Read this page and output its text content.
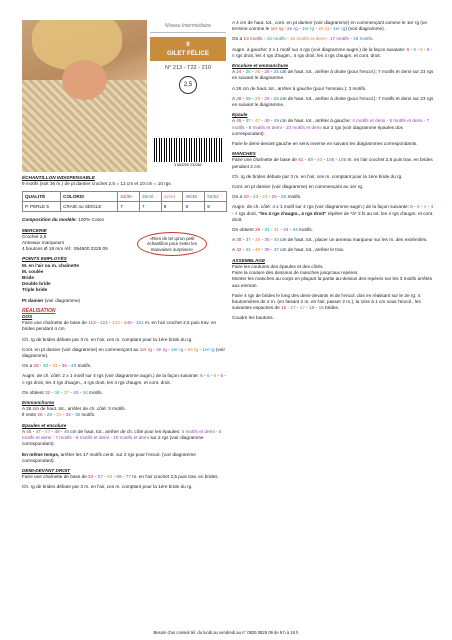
Niveau Intermédiaire
9
GILET FÉLICE
N° 213 - T22 - 210
2,5
3 663250 232362
«Rien de tel qu'un petit échantillon pour éviter les mauvaises surprises»
ÉCHANTILLON INDISPENSABLE

9 motifs (soit 36 m.) de pt damier crochet 2,5 = 12 cm et 10 cm = 10 rgs

QUALITÉ	COLORIS	34/36	38/40	42/44	46/48	50/52
P. PERLE 5	CRAIE ou SEIGLE	7	7	8	8	9

Composition du modèle: 100% Coton

MERCERIE
Crochet 2,5
Anneaux marqueurs

4 boutons Ø 18 mm réf.: 054600 2225 09

POINTS EMPLOYÉS
M. en l'air ou m. chaînette
M. coulée
Bride
Double bride
Triple bride

Pt damier (voir diagramme)

RÉALISATION
DOS

Faire une chaînette de base de 113 - 121 - 133 - 145 - 161 m. en l'air crochet 2,5 puis trav. en brides pendant 4 cm.

Ch. rg de brides débute par 3 m. en l'air, ces m. comptant pour la 1ère bride du rg.

Cont. en pt damier (voir diagramme) en commençant au 1er rg - 2e rg - 1er rg - 2e rg - 1er rg (voir diagramme).

On a 28 - 30 - 33 - 36 - 40 motifs.

Augm. de ch. côté: 2 x 1 motif sur 4 rgs (voir diagramme augm.) de la façon suivante: 6 - 6 - 6 - 6 - 6 rgs droit, les 4 rgs d'augm., 4 rgs droit, les 4 rgs d'augm. et cont. droit.

On obtient 32 - 34 - 37 - 40 - 44 motifs.

Emmanchures
A 26 cm de haut. tot., arrêter de ch. côté: 3 motifs.

Il reste 26 - 28 - 31 - 34 - 38 motifs.

Epaules et encolure

A 45 - 47 - 47 - 49 - 49 cm de haut. tot., arrêter de ch. côté pour les épaules: 4 motifs et demi - 5 motifs et demi - 7 motifs - 8 motifs et demi - 10 motifs et demi sur 2 rgs (voir diagramme correspondant).

En même temps, arrêter les 17 motifs centr. sur 2 rgs pour l'encol. (voir diagramme correspondant).

DEMI-DEVANT DROIT

Faire une chaînette de base de 53 - 57 - 63 - 69 - 77 m. en l'air crochet 2,5 puis trav. en brides.

Ch. rg de brides débute par 3 m. en l'air, ces m. comptant pour la 1ère bride du rg.

A 4 cm de haut. tot., cont. en pt damier (voir diagramme) en commençant comme le 1er rg (on termine comme le 1er rg - 2e rg - 1er rg - 2e rg - 1er rg) (voir diagramme).

On a 13 motifs - 14 motifs - 15 motifs et demi - 17 motifs - 19 motifs.

Augm. à gauche: 2 x 1 motif sur 4 rgs (voir diagramme augm.) de la façon suivante: 6 - 6 - 6 - 6 - 6 rgs droit, les 4 rgs d'augm., 4 rgs droit, les 4 rgs d'augm. et cont. droit.

Encolure et emmanchure

A 24 - 26 - 26 - 26 - 26 cm de haut. tot., arrêter à droite (pour l'encol.): 7 motifs et demi sur 23 rgs en suivant le diagramme.

A 26 cm de haut. tot., arrêter à gauche (pour l'emman.): 3 motifs.

A 28 - 28 - 26 - 26 - 26 cm de haut. tot., arrêter à droite (pour l'encol.): 7 motifs et demi sur 23 rgs en suivant le diagramme.

Epaule

A 45 - 47 - 47 - 49 - 49 cm de haut. tot., arrêter à gauche: 4 motifs et demi - 5 motifs et demi - 7 motifs - 8 motifs et demi - 10 motifs et demi sur 2 rgs (voir diagramme épaules dos correspondant).

Faire le demi-devant gauche en sens inverse en suivant les diagrammes correspondants.

MANCHES

Faire une chaînette de base de 81 - 89 - 93 - 105 - 105 m. en l'air crochet 2,5 puis trav. en brides pendant 2 cm.

Ch. rg de brides débute par 3 m. en l'air, ces m. comptant pour la 1ère bride du rg.

Cont. en pt damier (voir diagramme) en commençant au 1er rg.

On a 20 - 23 - 23 - 26 - 26 motifs.

Augm. de ch. côté: 4 x 1 motif sur 4 rgs (voir diagramme augm.) de la façon suivante: 6 - 6 - 4 - 4 - 4 rgs droit, "les 4 rgs d'augm., 4 rgs droit" répéter de *à* 3 fs au tot. les 4 rgs d'augm. et cont. droit.

On obtient 28 - 31 - 31 - 34 - 34 motifs.

A 38 - 37 - 36 - 35 - 34 cm de haut. tot., placer un anneau marqueur sur les m. des extrémités.

A 42 - 41 - 40 - 39 - 37 cm de haut. tot., arrêter le trav.

ASSEMBLAGE
Faire les coutures des épaules et des côtés.
Faire la couture des dessous de manches jusqu'aux repères.

Monter les manches au corps en plaçant la partie au-dessus des repères sur les 3 motifs arrêtés aux emman.

Faire 4 rgs de brides le long des demi-devants et de l'encol. dos en réalisant sur le 2e rg: 4 boutonnières de 2 m. (en faisant 2 m. en l'air, passer 2 m.), la 1ère à 1 cm sous l'encol., les suivantes espacées de 15 - 17 - 17 - 19 - 19 brides.

Coudre les boutons.
Besoin d'un conseil tél. du lundi au vendredi au n° 0825 0825 09 de 9 h à 18 h
